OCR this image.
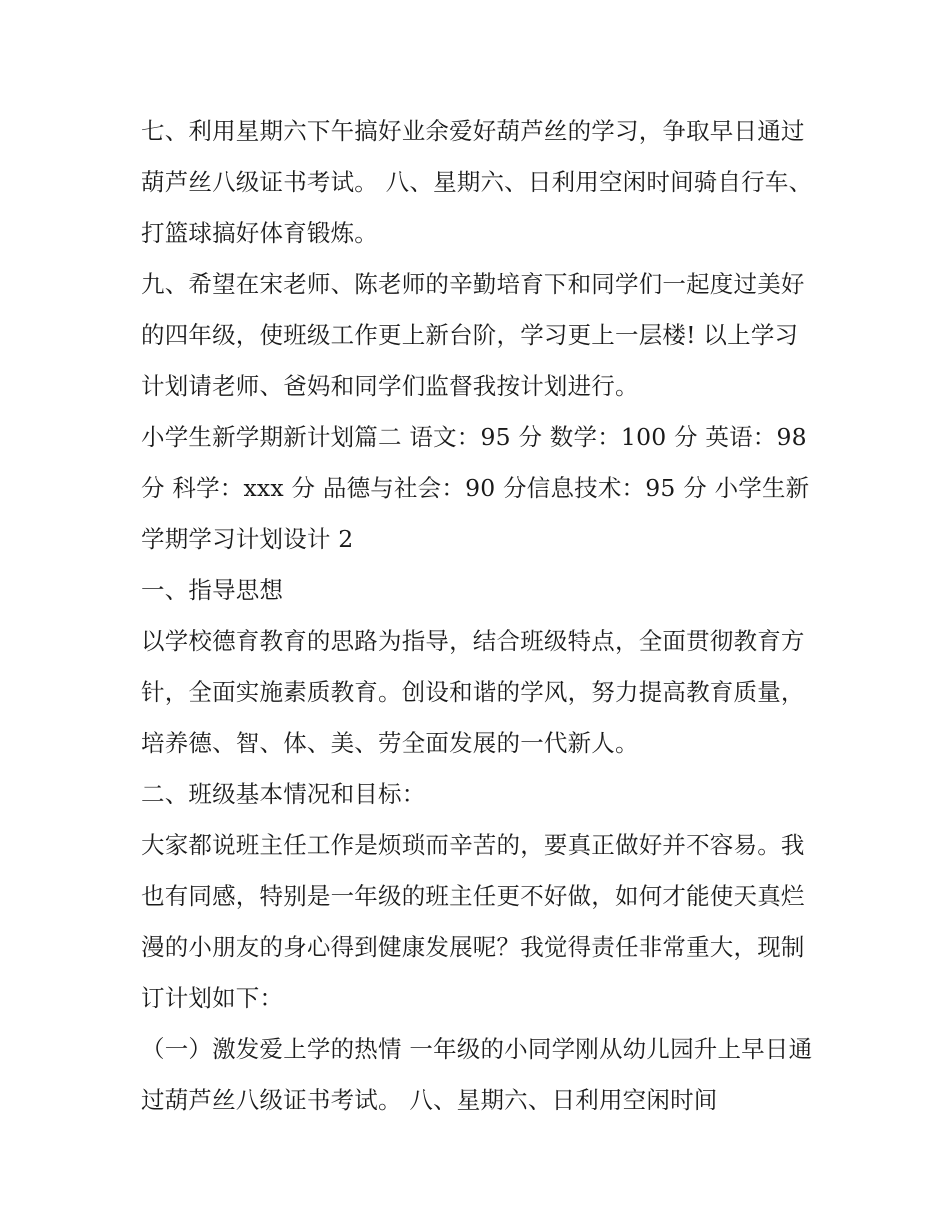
七、利用星期六下午搞好业余爱好葫芦丝的学习，争取早日通过葫芦丝八级证书考试。 八、星期六、日利用空闲时间骑自行车、打篮球搞好体育锻炼。

九、希望在宋老师、陈老师的辛勤培育下和同学们一起度过美好的四年级，使班级工作更上新台阶，学习更上一层楼! 以上学习计划请老师、爸妈和同学们监督我按计划进行。

小学生新学期新计划篇二 语文：95 分 数学：100 分 英语：98 分 科学：xxx 分 品德与社会：90 分信息技术：95 分 小学生新学期学习计划设计 2

一、指导思想

以学校德育教育的思路为指导，结合班级特点，全面贯彻教育方针，全面实施素质教育。创设和谐的学风，努力提高教育质量，培养德、智、体、美、劳全面发展的一代新人。

二、班级基本情况和目标：

大家都说班主任工作是烦琐而辛苦的，要真正做好并不容易。我也有同感，特别是一年级的班主任更不好做，如何才能使天真烂漫的小朋友的身心得到健康发展呢？我觉得责任非常重大，现制订计划如下：

（一）激发爱上学的热情 一年级的小同学刚从幼儿园升上早日通过葫芦丝八级证书考试。 八、星期六、日利用空闲时间
